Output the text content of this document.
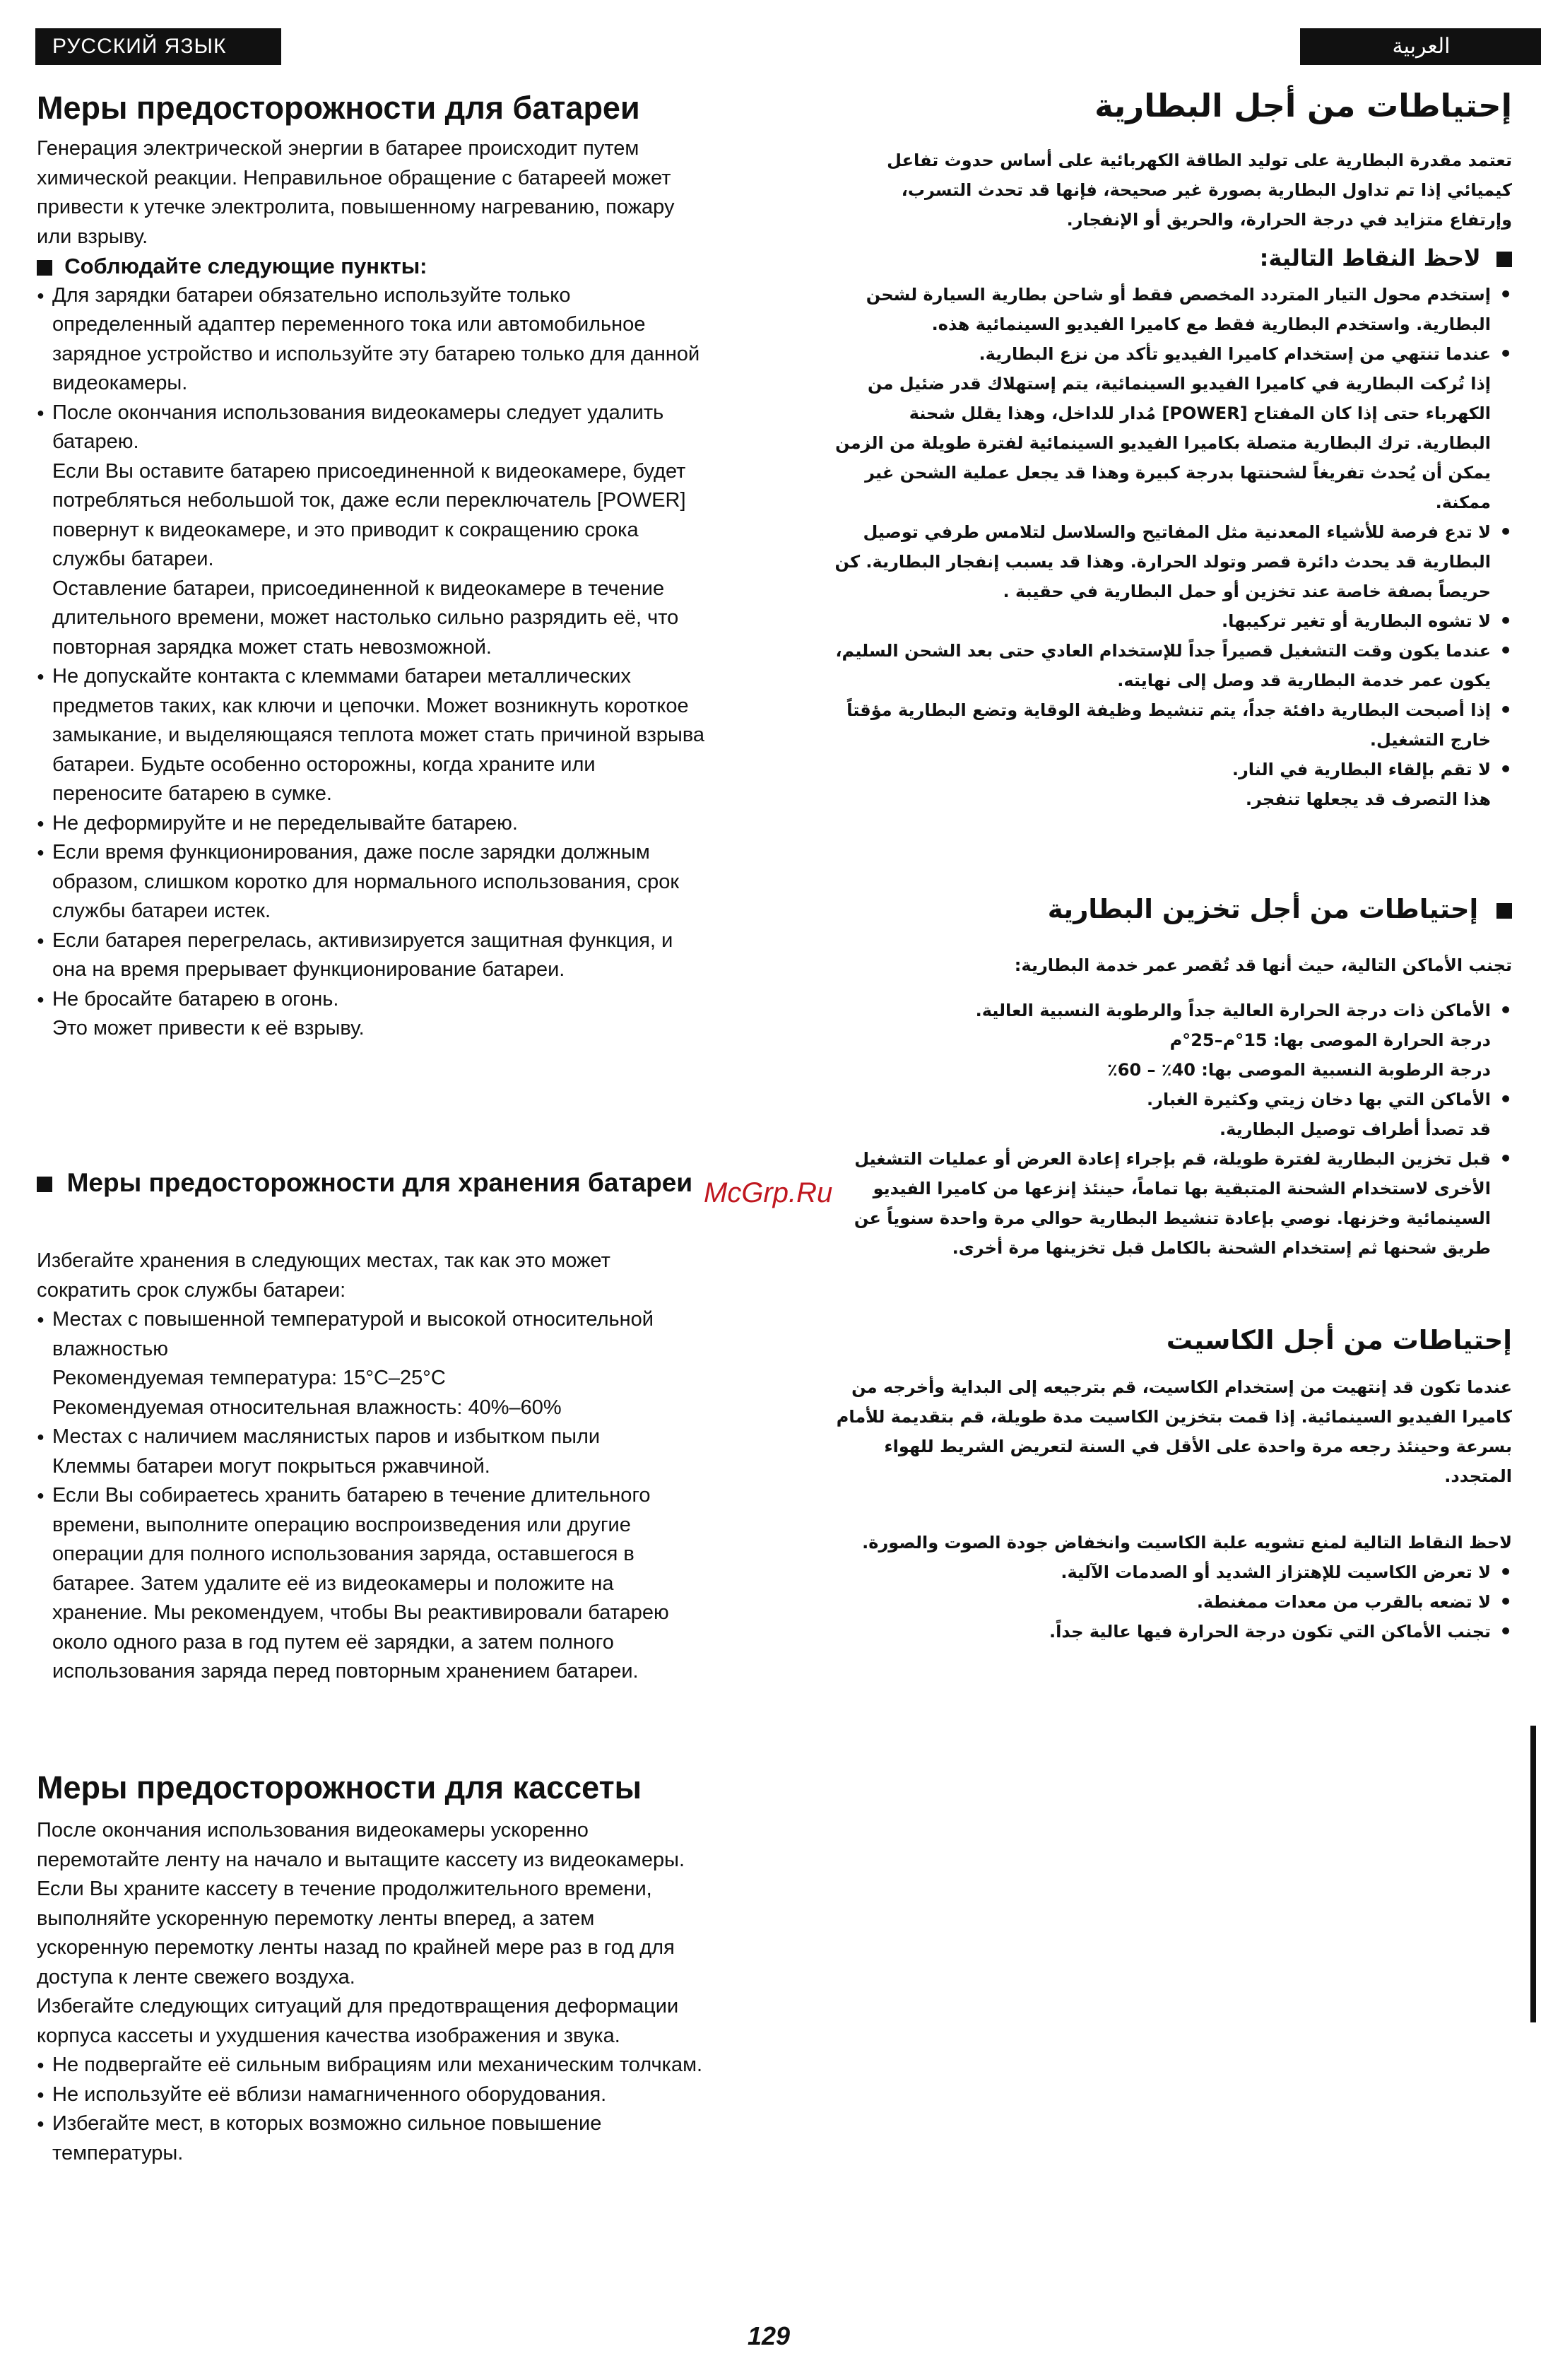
РУССКИЙ ЯЗЫК	العربية
Меры предосторожности для батареи

Генерация электрической энергии в батарее происходит путем химической реакции. Неправильное обращение с батареей может привести к утечке электролита, повышенному нагреванию, пожару или взрыву.

Соблюдайте следующие пункты:

● Для зарядки батареи обязательно используйте только определенный адаптер переменного тока или автомобильное зарядное устройство и используйте эту батарею только для данной видеокамеры.
● После окончания использования видеокамеры следует удалить батарею.
Если Вы оставите батарею присоединенной к видеокамере, будет потребляться небольшой ток, даже если переключатель [POWER] повернут к видеокамере, и это приводит к сокращению срока службы батареи.
Оставление батареи, присоединенной к видеокамере в течение длительного времени, может настолько сильно разрядить её, что повторная зарядка может стать невозможной.
● Не допускайте контакта с клеммами батареи металлических предметов таких, как ключи и цепочки. Может возникнуть короткое замыкание, и выделяющаяся теплота может стать причиной взрыва батареи. Будьте особенно осторожны, когда храните или переносите батарею в сумке.
● Не деформируйте и не переделывайте батарею.
● Если время функционирования, даже после зарядки должным образом, слишком коротко для нормального использования, срок службы батареи истек.
● Если батарея перегрелась, активизируется защитная функция, и она на время прерывает функционирование батареи.
● Не бросайте батарею в огонь.
Это может привести к её взрыву.
Меры предосторожности для хранения батареи

Избегайте хранения в следующих местах, так как это может сократить срок службы батареи:

● Местах с повышенной температурой и высокой относительной влажностью
Рекомендуемая температура: 15°C–25°C
Рекомендуемая относительная влажность: 40%–60%
● Местах с наличием маслянистых паров и избытком пыли
Клеммы батареи могут покрыться ржавчиной.
● Если Вы собираетесь хранить батарею в течение длительного времени, выполните операцию воспроизведения или другие операции для полного использования заряда, оставшегося в батарее. Затем удалите её из видеокамеры и положите на хранение. Мы рекомендуем, чтобы Вы реактивировали батарею около одного раза в год путем её зарядки, а затем полного использования заряда перед повторным хранением батареи.
Меры предосторожности для кассеты

После окончания использования видеокамеры ускоренно перемотайте ленту на начало и вытащите кассету из видеокамеры. Если Вы храните кассету в течение продолжительного времени, выполняйте ускоренную перемотку ленты вперед, а затем ускоренную перемотку ленты назад по крайней мере раз в год для доступа к ленте свежего воздуха.

Избегайте следующих ситуаций для предотвращения деформации корпуса кассеты и ухудшения качества изображения и звука.

● Не подвергайте её сильным вибрациям или механическим толчкам.
● Не используйте её вблизи намагниченного оборудования.
● Избегайте мест, в которых возможно сильное повышение температуры.
إحتياطات من أجل البطارية

تعتمد مقدرة البطارية على توليد الطاقة الكهربائية على أساس حدوث تفاعل كيميائي إذا تم تداول البطارية بصورة غير صحيحة، فإنها قد تحدث التسرب، وإرتفاع متزايد في درجة الحرارة، والحريق أو الإنفجار.

لاحظ النقاط التالية:

• إستخدم محول التيار المتردد المخصص فقط أو شاحن بطارية السيارة لشحن البطارية. واستخدم البطارية فقط مع كاميرا الفيديو السينمائية هذه.
• عندما تنتهي من إستخدام كاميرا الفيديو تأكد من نزع البطارية.
إذا تُركت البطارية في كاميرا الفيديو السينمائية، يتم إستهلاك قدر ضئيل من الكهرباء حتى إذا كان المفتاح [POWER] مُدار للداخل، وهذا يقلل شحنة البطارية. ترك البطارية متصلة بكاميرا الفيديو السينمائية لفترة طويلة من الزمن يمكن أن يُحدث تفريغاً لشحنتها بدرجة كبيرة وهذا قد يجعل عملية الشحن غير ممكنة.
• لا تدع فرصة للأشياء المعدنية مثل المفاتيح والسلاسل لتلامس طرفي توصيل البطارية قد يحدث دائرة قصر وتولد الحرارة. وهذا قد يسبب إنفجار البطارية. كن حريصاً بصفة خاصة عند تخزين أو حمل البطارية في حقيبة .
• لا تشوه البطارية أو تغير تركيبها.
• عندما يكون وقت التشغيل قصيراً جداً للإستخدام العادي حتى بعد الشحن السليم، يكون عمر خدمة البطارية قد وصل إلى نهايته.
• إذا أصبحت البطارية دافئة جداً، يتم تنشيط وظيفة الوقاية وتضع البطارية مؤقتاً خارج التشغيل.
• لا تقم بإلقاء البطارية في النار.
هذا التصرف قد يجعلها تنفجر.
إحتياطات من أجل تخزين البطارية

تجنب الأماكن التالية، حيث أنها قد تُقصر عمر خدمة البطارية:

• الأماكن ذات درجة الحرارة العالية جداً والرطوبة النسبية العالية.
درجة الحرارة الموصى بها: 15°م–25°م
درجة الرطوبة النسبية الموصى بها: 40٪ – 60٪
• الأماكن التي بها دخان زيتي وكثيرة الغبار.
قد تصدأ أطراف توصيل البطارية.
• قبل تخزين البطارية لفترة طويلة، قم بإجراء إعادة العرض أو عمليات التشغيل الأخرى لاستخدام الشحنة المتبقية بها تماماً، حينئذ إنزعها من كاميرا الفيديو السينمائية وخزنها. نوصي بإعادة تنشيط البطارية حوالي مرة واحدة سنوياً عن طريق شحنها ثم إستخدام الشحنة بالكامل قبل تخزينها مرة أخرى.
إحتياطات من أجل الكاسيت

عندما تكون قد إنتهيت من إستخدام الكاسيت، قم بترجيعه إلى البداية وأخرجه من كاميرا الفيديو السينمائية. إذا قمت بتخزين الكاسيت مدة طويلة، قم بتقديمة للأمام بسرعة وحينئذ رجعه مرة واحدة على الأقل في السنة لتعريض الشريط للهواء المتجدد.

لاحظ النقاط التالية لمنع تشويه علبة الكاسيت وانخفاض جودة الصوت والصورة.

• لا تعرض الكاسيت للإهتزاز الشديد أو الصدمات الآلية.
• لا تضعه بالقرب من معدات ممغنطة.
• تجنب الأماكن التي تكون درجة الحرارة فيها عالية جداً.
McGrp.Ru
129
